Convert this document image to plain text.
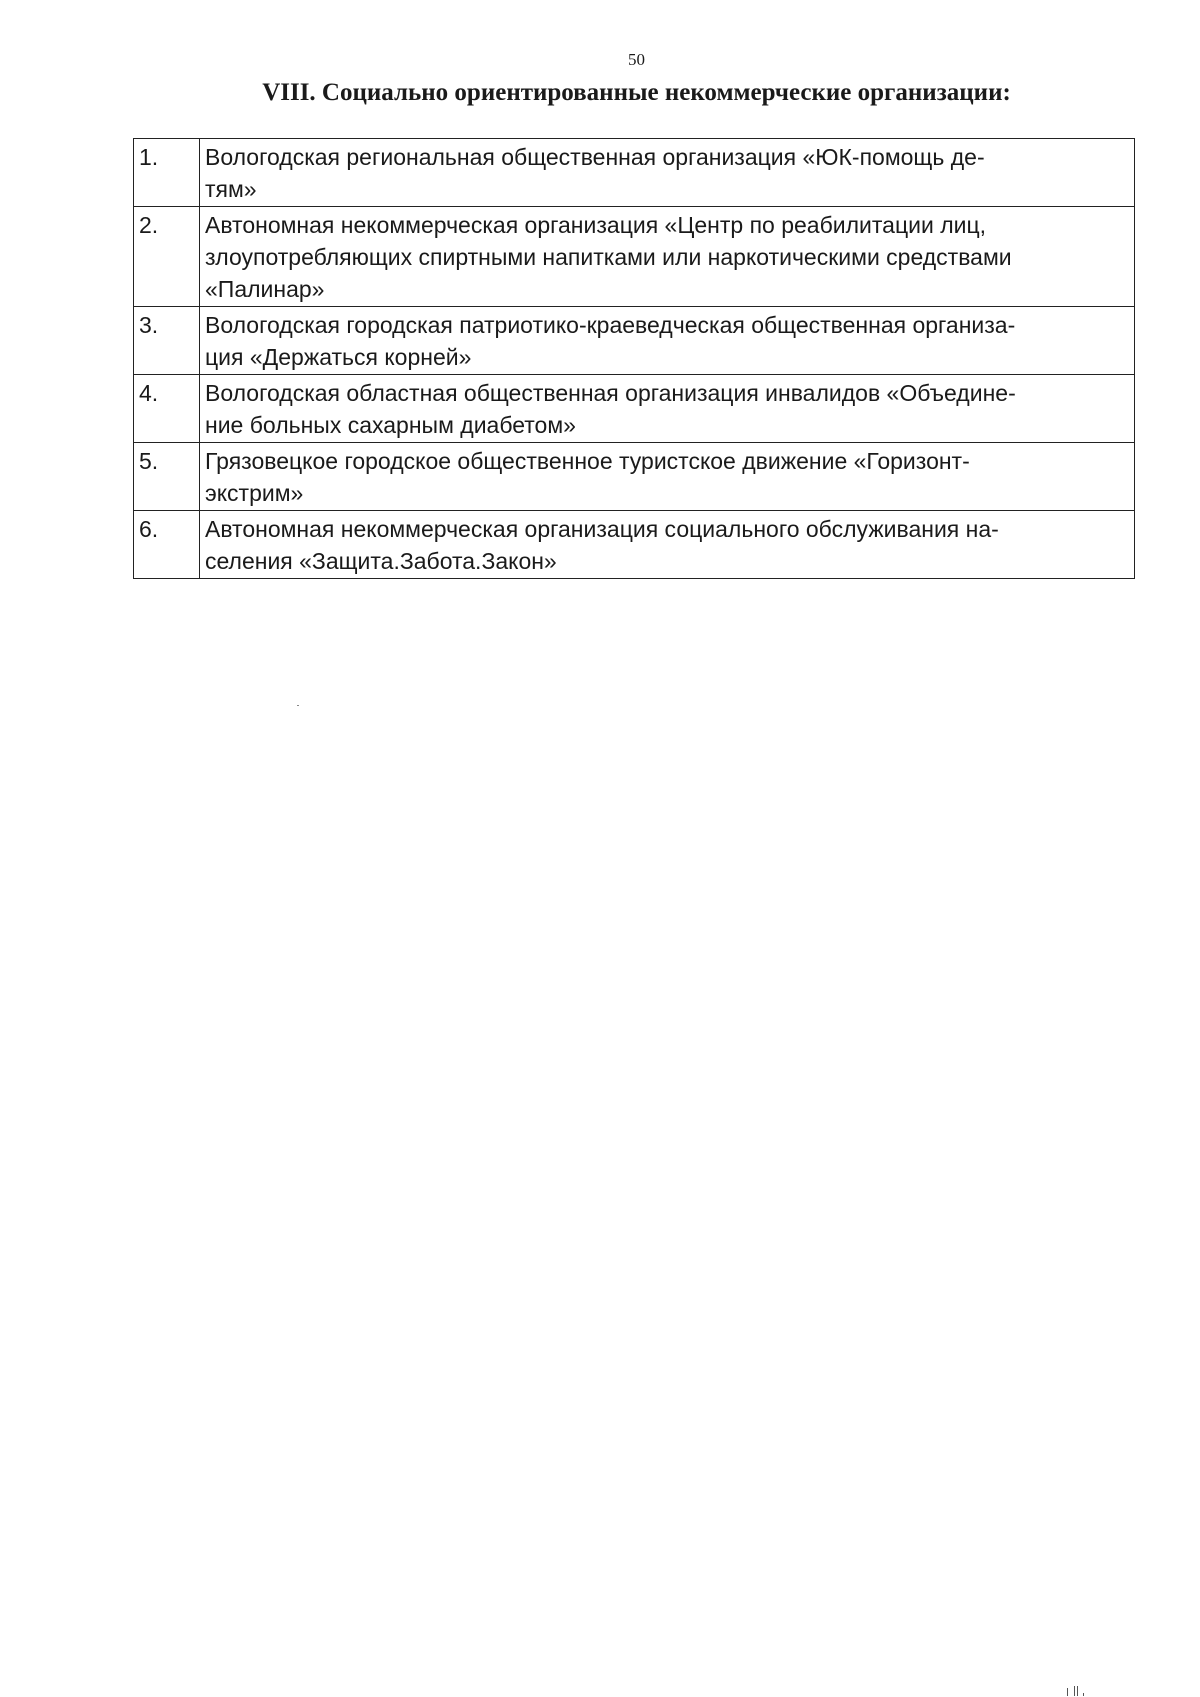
50
VIII. Социально ориентированные некоммерческие организации:
1.	Вологодская региональная общественная организация «ЮК-помощь де-
тям»

2.	Автономная некоммерческая организация «Центр по реабилитации лиц,
злоупотребляющих спиртными напитками или наркотическими средствами
«Палинар»

3.	Вологодская городская патриотико-краеведческая общественная организа-
ция «Держаться корней»

4.	Вологодская областная общественная организация инвалидов «Объедине-
ние больных сахарным диабетом»

5.	Грязовецкое городское общественное туристское движение «Горизонт-
экстрим»

6.	Автономная некоммерческая организация социального обслуживания на-
селения «Защита.Забота.Закон»
